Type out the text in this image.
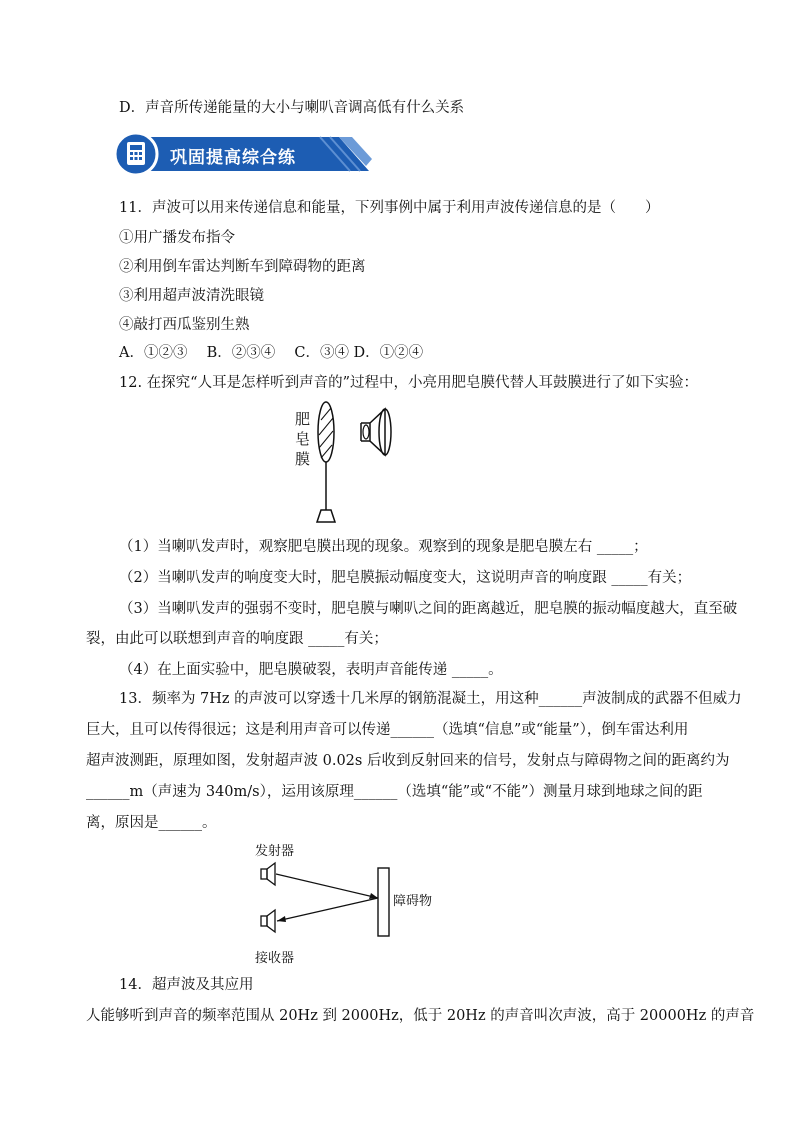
D．声音所传递能量的大小与喇叭音调高低有什么关系
巩固提高综合练
11．声波可以用来传递信息和能量，下列事例中属于利用声波传递信息的是（　　）
①用广播发布指令
②利用倒车雷达判断车到障碍物的距离
③利用超声波清洗眼镜
④敲打西瓜鉴别生熟
A．①②③　 B．②③④　 C．③④ D．①②④
12. 在探究“人耳是怎样听到声音的”过程中，小亮用肥皂膜代替人耳鼓膜进行了如下实验：
肥
皂
膜
（1）当喇叭发声时，观察肥皂膜出现的现象。观察到的现象是肥皂膜左右 _____；
（2）当喇叭发声的响度变大时，肥皂膜振动幅度变大，这说明声音的响度跟 _____有关；
（3）当喇叭发声的强弱不变时，肥皂膜与喇叭之间的距离越近，肥皂膜的振动幅度越大，直至破
裂，由此可以联想到声音的响度跟 _____有关；
（4）在上面实验中，肥皂膜破裂，表明声音能传递 _____。
13．频率为 7Hz 的声波可以穿透十几米厚的钢筋混凝土，用这种______声波制成的武器不但威力
巨大，且可以传得很远；这是利用声音可以传递______（选填“信息”或“能量”），倒车雷达利用
超声波测距，原理如图，发射超声波 0.02s 后收到反射回来的信号，发射点与障碍物之间的距离约为
______m（声速为 340m/s），运用该原理______（选填“能”或“不能”）测量月球到地球之间的距
离，原因是______。
发射器
障碍物
接收器
14．超声波及其应用
人能够听到声音的频率范围从 20Hz 到 2000Hz，低于 20Hz 的声音叫次声波，高于 20000Hz 的声音
